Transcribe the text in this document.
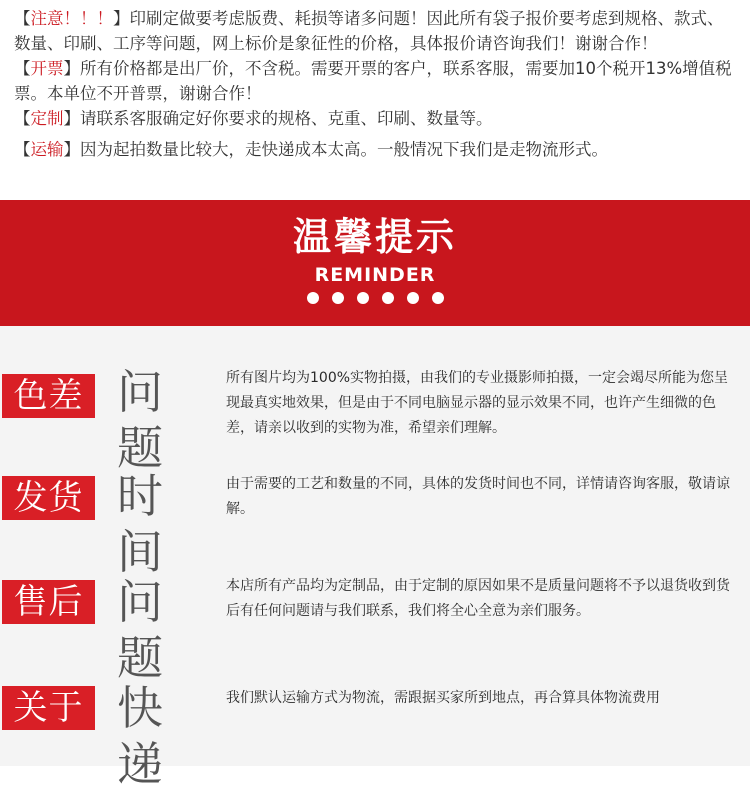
【注意！！！】印刷定做要考虑版费、耗损等诸多问题！因此所有袋子报价要考虑到规格、款式、数量、印刷、工序等问题，网上标价是象征性的价格，具体报价请咨询我们！谢谢合作！

【开票】所有价格都是出厂价，不含税。需要开票的客户，联系客服，需要加10个税开13%增值税票。本单位不开普票，谢谢合作！

【定制】请联系客服确定好你要求的规格、克重、印刷、数量等。

【运输】因为起拍数量比较大，走快递成本太高。一般情况下我们是走物流形式。

温馨提示
REMINDER
色差 问题
所有图片均为100%实物拍摄，由我们的专业摄影师拍摄，一定会竭尽所能为您呈现最真实地效果，但是由于不同电脑显示器的显示效果不同，也许产生细微的色差，请亲以收到的实物为准，希望亲们理解。
发货 时间
由于需要的工艺和数量的不同，具体的发货时间也不同，详情请咨询客服，敬请谅解。
售后 问题
本店所有产品均为定制品，由于定制的原因如果不是质量问题将不予以退货收到货后有任何问题请与我们联系，我们将全心全意为亲们服务。
关于 快递
我们默认运输方式为物流，需跟据买家所到地点，再合算具体物流费用
